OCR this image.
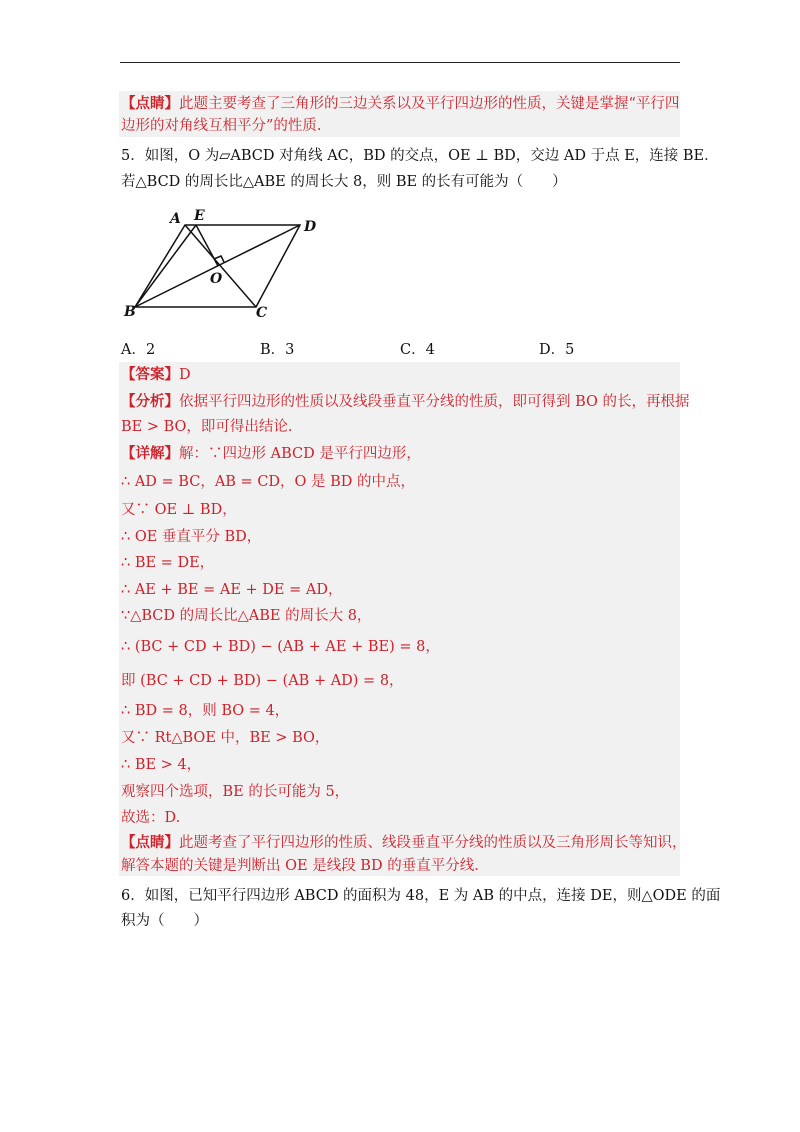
【点睛】此题主要考查了三角形的三边关系以及平行四边形的性质，关键是掌握“平行四
边形的对角线互相平分”的性质.
5．如图，O 为▱ABCD 对角线 AC，BD 的交点，OE ⊥ BD，交边 AD 于点 E，连接 BE．
若△BCD 的周长比△ABE 的周长大 8，则 BE 的长有可能为（　　）
A E
D
O
B	C
A．2	B．3	C．4	D．5
【答案】D
【分析】依据平行四边形的性质以及线段垂直平分线的性质，即可得到 BO 的长，再根据
BE > BO，即可得出结论.
【详解】解：∵四边形 ABCD 是平行四边形，
∴ AD = BC，AB = CD，O 是 BD 的中点，
又∵ OE ⊥ BD，
∴ OE 垂直平分 BD，
∴ BE = DE，
∴ AE + BE = AE + DE = AD，
∵△BCD 的周长比△ABE 的周长大 8，
∴ (BC + CD + BD) − (AB + AE + BE) = 8，
即 (BC + CD + BD) − (AB + AD) = 8，
∴ BD = 8，则 BO = 4，
又∵ Rt△BOE 中，BE > BO，
∴ BE > 4，
观察四个选项，BE 的长可能为 5，
故选：D.
【点睛】此题考查了平行四边形的性质、线段垂直平分线的性质以及三角形周长等知识，
解答本题的关键是判断出 OE 是线段 BD 的垂直平分线.
6．如图，已知平行四边形 ABCD 的面积为 48，E 为 AB 的中点，连接 DE，则△ODE 的面
积为（　　）
